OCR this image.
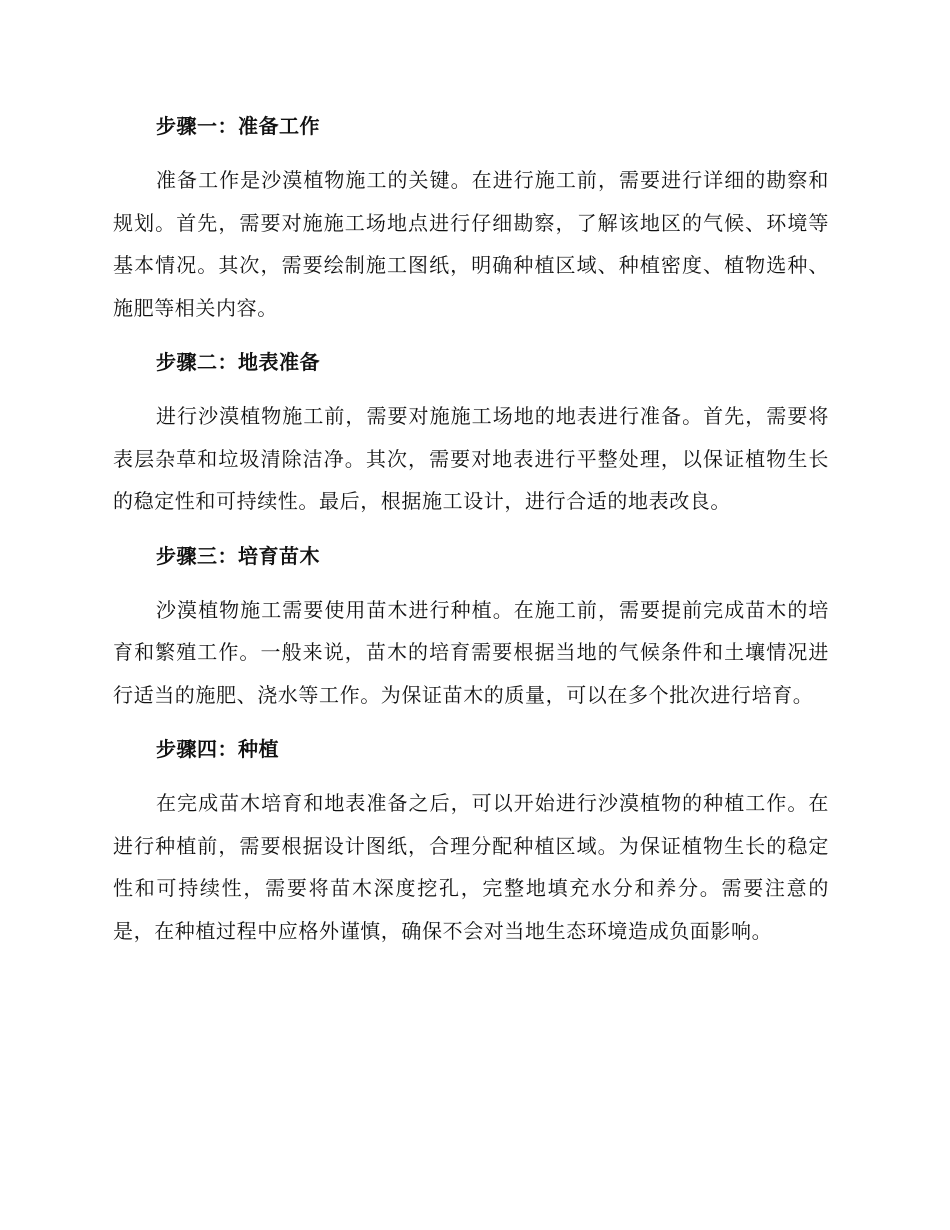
步骤一：准备工作

准备工作是沙漠植物施工的关键。在进行施工前，需要进行详细的勘察和规划。首先，需要对施施工场地点进行仔细勘察，了解该地区的气候、环境等基本情况。其次，需要绘制施工图纸，明确种植区域、种植密度、植物选种、施肥等相关内容。

步骤二：地表准备

进行沙漠植物施工前，需要对施施工场地的地表进行准备。首先，需要将表层杂草和垃圾清除洁净。其次，需要对地表进行平整处理，以保证植物生长的稳定性和可持续性。最后，根据施工设计，进行合适的地表改良。

步骤三：培育苗木

沙漠植物施工需要使用苗木进行种植。在施工前，需要提前完成苗木的培育和繁殖工作。一般来说，苗木的培育需要根据当地的气候条件和土壤情况进行适当的施肥、浇水等工作。为保证苗木的质量，可以在多个批次进行培育。

步骤四：种植

在完成苗木培育和地表准备之后，可以开始进行沙漠植物的种植工作。在进行种植前，需要根据设计图纸，合理分配种植区域。为保证植物生长的稳定性和可持续性，需要将苗木深度挖孔，完整地填充水分和养分。需要注意的是，在种植过程中应格外谨慎，确保不会对当地生态环境造成负面影响。
